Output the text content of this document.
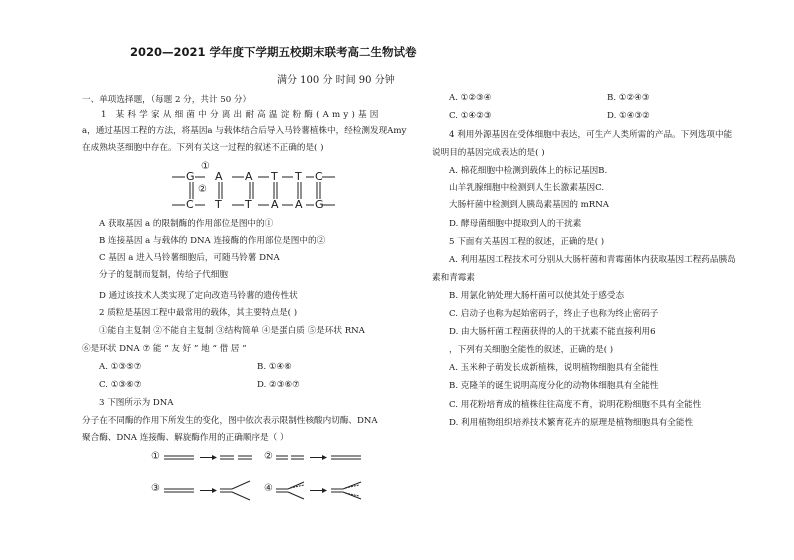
2020—2021 学年度下学期五校期末联考高二生物试卷
满分 100 分 时间 90 分钟
一、单项选择题，（每题 2 分，共计 50 分）
1 某科学家从细菌中分离出耐高温淀粉酶(Amy)基因
a，通过基因工程的方法，将基因a 与载体结合后导入马铃薯植株中，经检测发现Amy
在成熟块茎细胞中存在。下列有关这一过程的叙述不正确的是( )
G A A T T C
C T T A A G
①
②
A 获取基因 a 的限制酶的作用部位是图中的①
B 连接基因 a 与载体的 DNA 连接酶的作用部位是图中的②
C 基因 a 进入马铃薯细胞后，可随马铃薯 DNA
分子的复制而复制，传给子代细胞
D 通过该技术人类实现了定向改造马铃薯的遗传性状
2 质粒是基因工程中最常用的载体，其主要特点是( )
①能自主复制 ②不能自主复制 ③结构简单 ④是蛋白质 ⑤是环状 RNA
⑥是环状 DNA ⑦ 能 “ 友 好 ” 地 “ 借 居 ”
A. ①③⑤⑦	B. ①④⑥
C. ①③⑥⑦	D. ②③⑥⑦
3 下图所示为 DNA
分子在不同酶的作用下所发生的变化，图中依次表示限制性核酸内切酶、DNA
聚合酶、DNA 连接酶、解旋酶作用的正确顺序是（ ）
①	②
③	④
A. ①②③④	B. ①②④③
C. ①④②③	D. ①④③②
4 利用外源基因在受体细胞中表达，可生产人类所需的产品。下列选项中能
说明目的基因完成表达的是( )
A. 棉花细胞中检测到载体上的标记基因B.
山羊乳腺细胞中检测到人生长激素基因C.
大肠杆菌中检测到人胰岛素基因的 mRNA
D. 酵母菌细胞中提取到人的干扰素
5 下面有关基因工程的叙述，正确的是( )
A. 利用基因工程技术可分别从大肠杆菌和青霉菌体内获取基因工程药品胰岛
素和青霉素
B. 用氯化钠处理大肠杆菌可以使其处于感受态
C. 启动子也称为起始密码子，终止子也称为终止密码子
D. 由大肠杆菌工程菌获得的人的干扰素不能直接利用6
，下列有关细胞全能性的叙述，正确的是( )
A. 玉米种子萌发长成新植株，说明植物细胞具有全能性
B. 克隆羊的诞生说明高度分化的动物体细胞具有全能性
C. 用花粉培育成的植株往往高度不育，说明花粉细胞不具有全能性
D. 利用植物组织培养技术繁育花卉的原理是植物细胞具有全能性
